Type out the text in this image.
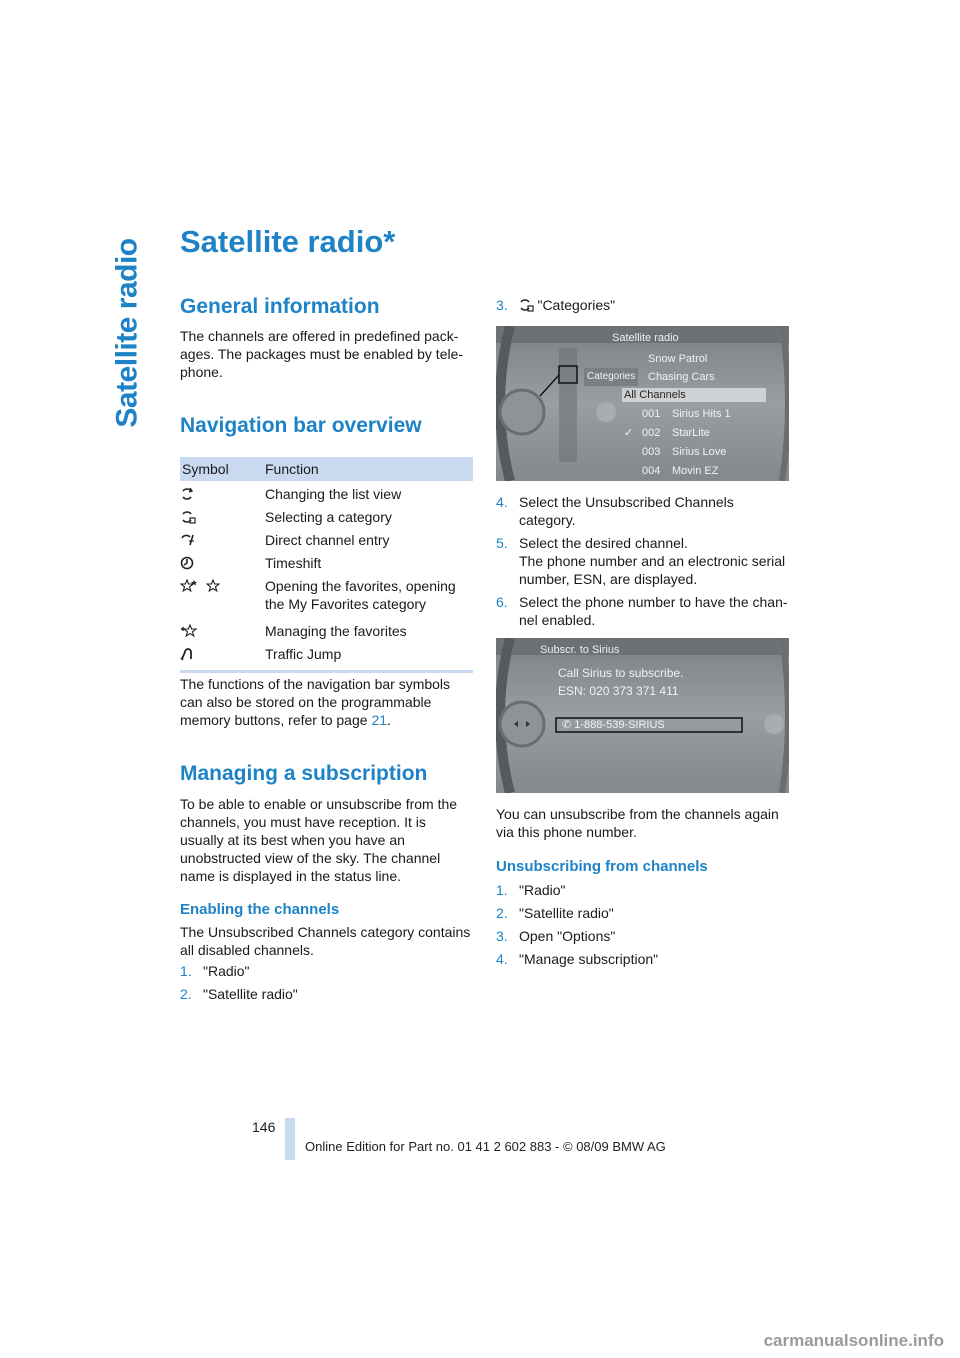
Satellite radio Satellite radio*
General information

The channels are offered in predefined pack-
ages. The packages must be enabled by tele-
phone.

Navigation bar overview
Symbol	Function
Changing the list view
Selecting a category
Direct channel entry
Timeshift
Opening the favorites, opening the My Favorites category
Managing the favorites
Traffic Jump

The functions of the navigation bar symbols can also be stored on the programmable memory buttons, refer to page 21.

Managing a subscription

To be able to enable or unsubscribe from the channels, you must have reception. It is usually at its best when you have an unobstructed view of the sky. The channel name is displayed in the status line.

Enabling the channels

The Unsubscribed Channels category contains all disabled channels.

1. "Radio"
2. "Satellite radio"
3. "Categories"
Satellite radio
Categories
Snow Patrol
Chasing Cars
All Channels
001 Sirius Hits 1
✓ 002 StarLite
003 Sirius Love
004 Movin EZ
4. Select the Unsubscribed Channels category.
5. Select the desired channel.
The phone number and an electronic serial number, ESN, are displayed.
6. Select the phone number to have the chan-
nel enabled.
Subscr. to Sirius
Call Sirius to subscribe.
ESN: 020 373 371 411
✆ 1-888-539-SIRIUS

You can unsubscribe from the channels again via this phone number.

Unsubscribing from channels
1. "Radio"
2. "Satellite radio"
3. Open "Options"
4. "Manage subscription"
146
Online Edition for Part no. 01 41 2 602 883 - © 08/09 BMW AG
carmanualsonline.info
